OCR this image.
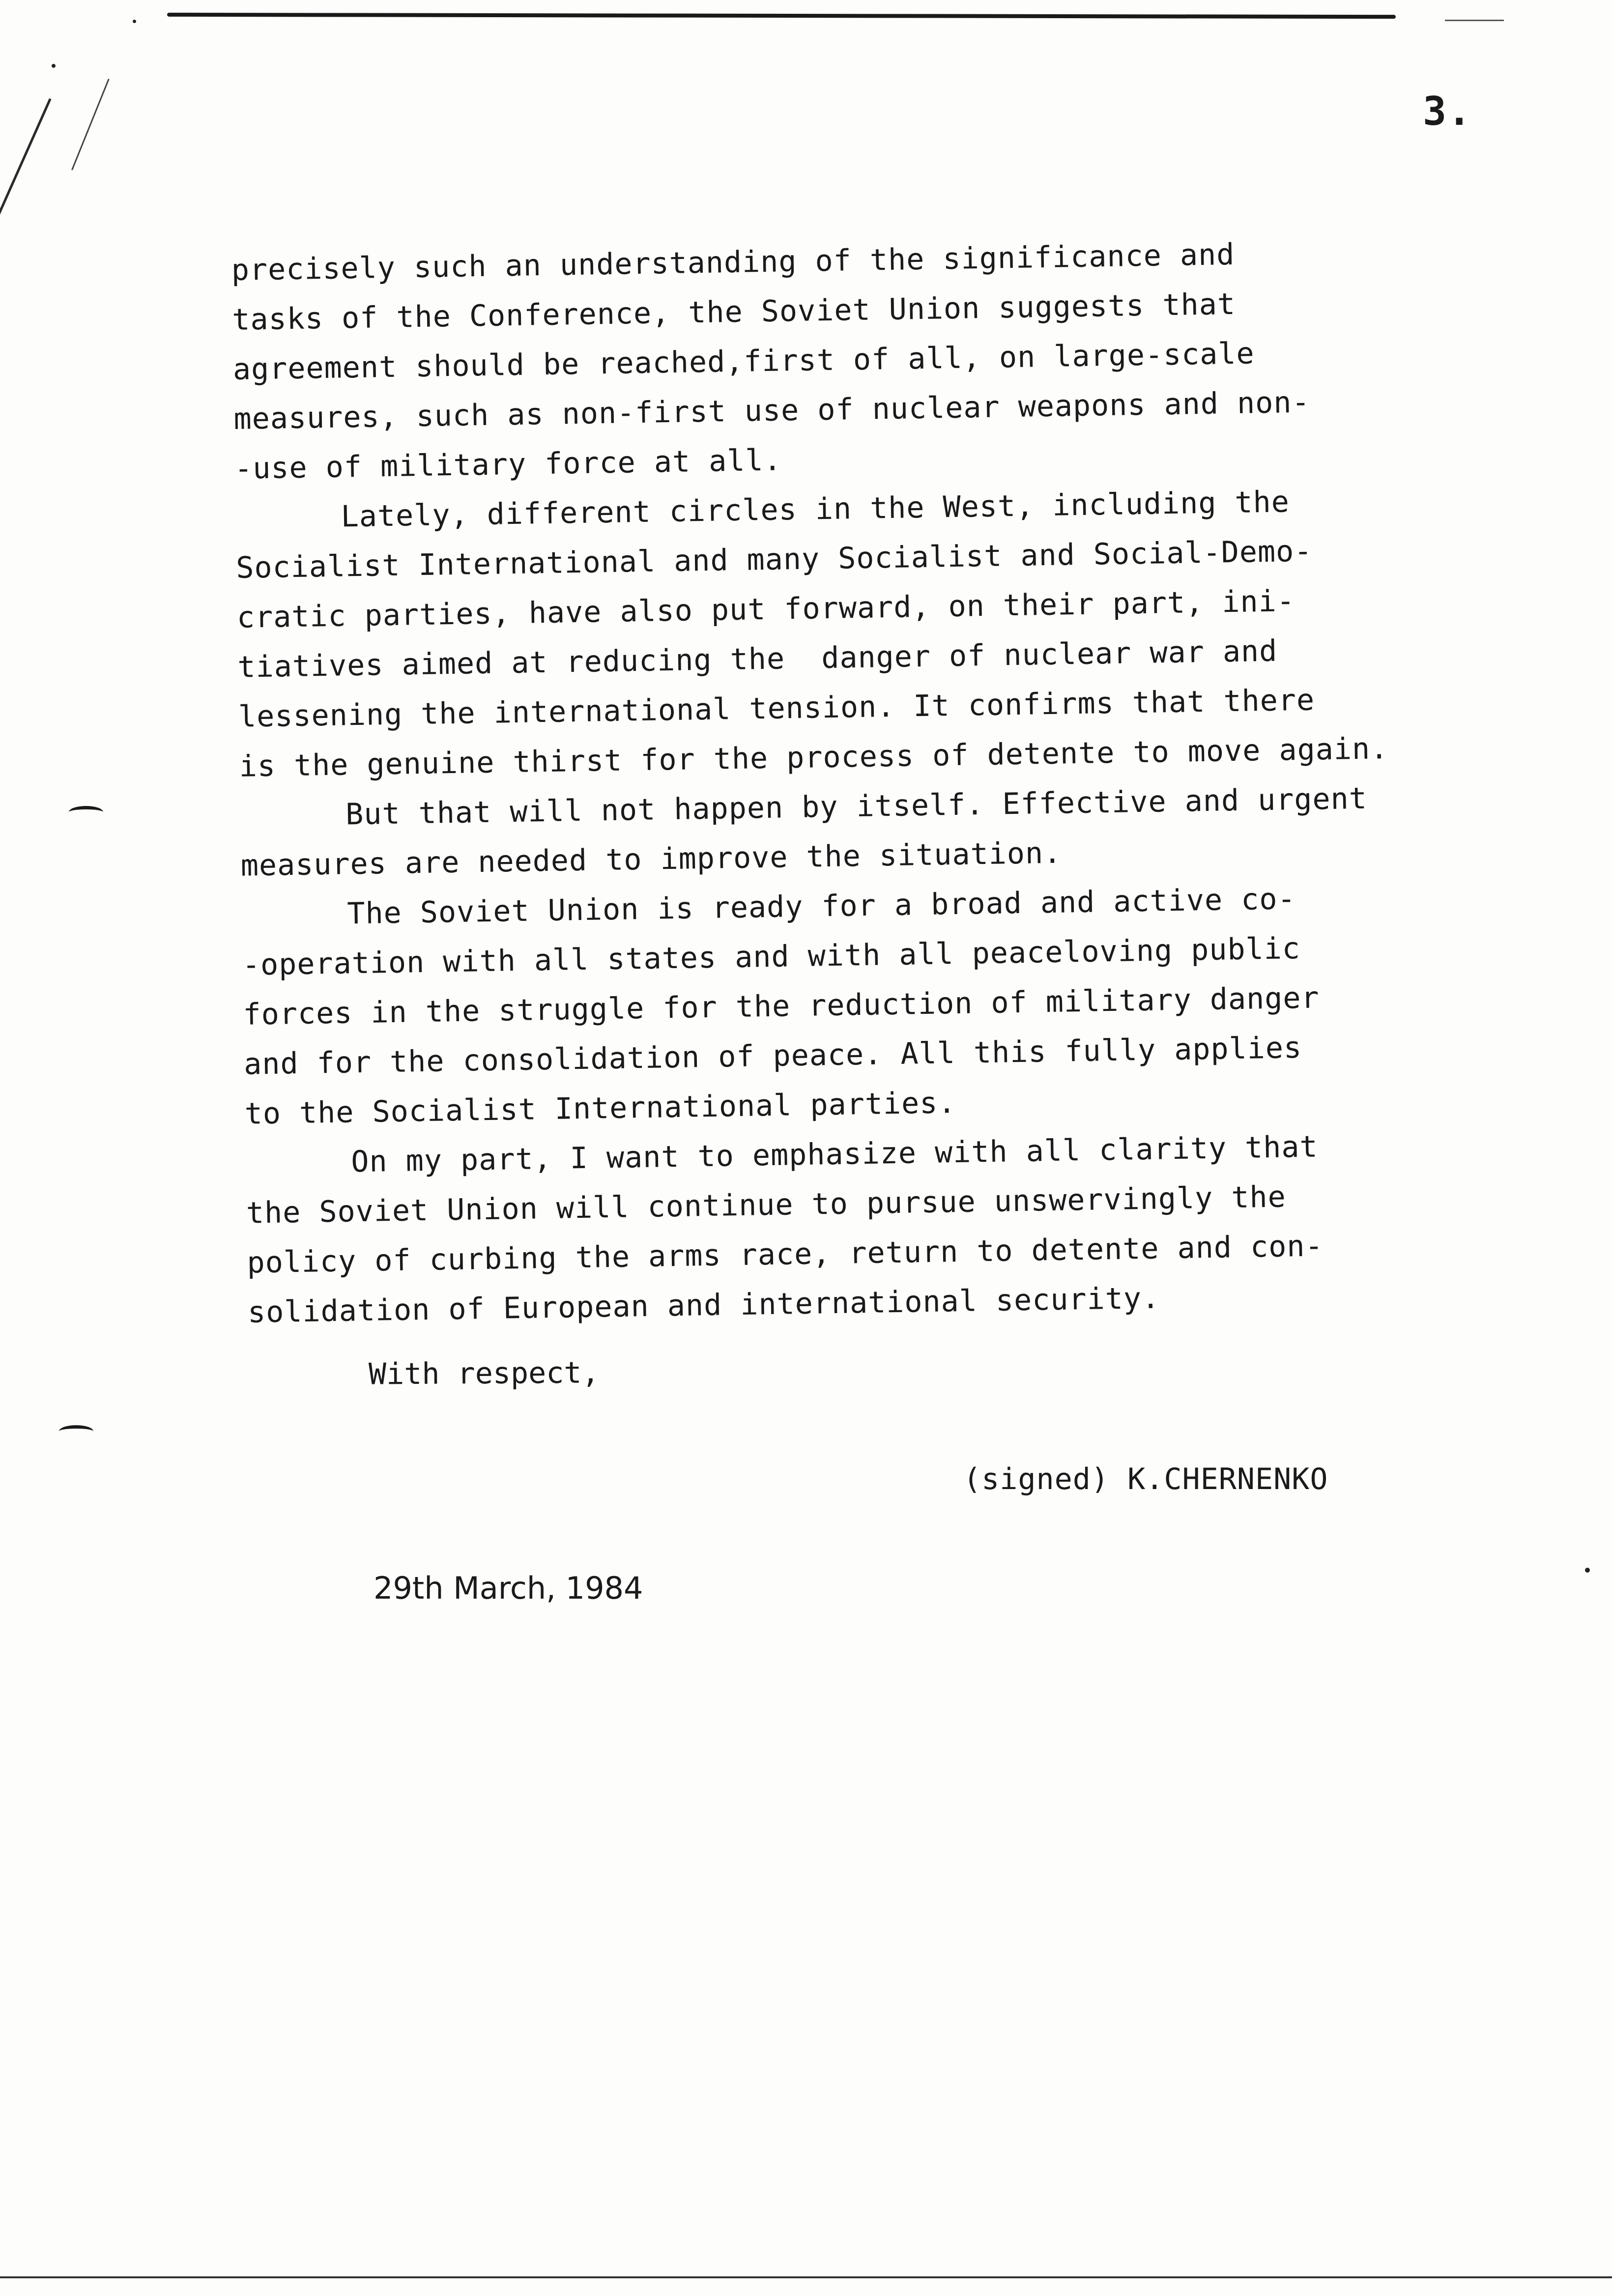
3.
precisely such an understanding of the significance and
tasks of the Conference, the Soviet Union suggests that
agreement should be reached,first of all, on large-scale
measures, such as non-first use of nuclear weapons and non-
-use of military force at all.
Lately, different circles in the West, including the
Socialist International and many Socialist and Social-Demo-
cratic parties, have also put forward, on their part, ini-
tiatives aimed at reducing the  danger of nuclear war and
lessening the international tension. It confirms that there
is the genuine thirst for the process of detente to move again.
But that will not happen by itself. Effective and urgent
measures are needed to improve the situation.
The Soviet Union is ready for a broad and active co-
-operation with all states and with all peaceloving public
forces in the struggle for the reduction of military danger
and for the consolidation of peace. All this fully applies
to the Socialist International parties.
On my part, I want to emphasize with all clarity that
the Soviet Union will continue to pursue unswervingly the
policy of curbing the arms race, return to detente and con-
solidation of European and international security.
With respect,
(signed) K.CHERNENKO
29th March, 1984
